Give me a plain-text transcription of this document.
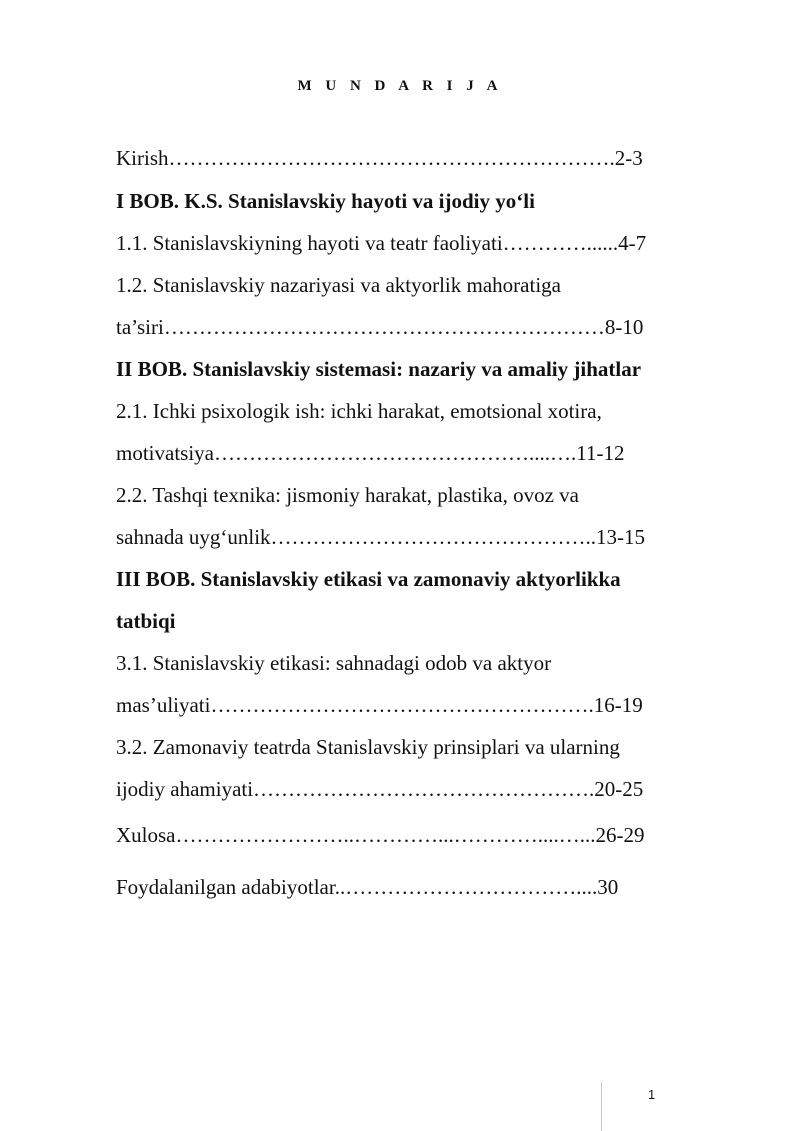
M U N D A R I J A
Kirish……………………………………………………….2-3
I BOB. K.S. Stanislavskiy hayoti va ijodiy yo‘li
1.1. Stanislavskiyning hayoti va teatr faoliyati…………......4-7
1.2. Stanislavskiy nazariyasi va aktyorlik mahoratiga
ta’siri………………………………………………………8-10
II BOB. Stanislavskiy sistemasi: nazariy va amaliy jihatlar
2.1. Ichki psixologik ish: ichki harakat, emotsional xotira,
motivatsiya………………………………………....….11-12
2.2. Tashqi texnika: jismoniy harakat, plastika, ovoz va
sahnada uyg‘unlik………………………………………..13-15
III BOB. Stanislavskiy etikasi va zamonaviy aktyorlikka
tatbiqi
3.1. Stanislavskiy etikasi: sahnadagi odob va aktyor
mas’uliyati……………………………………………….16-19
3.2. Zamonaviy teatrda Stanislavskiy prinsiplari va ularning
ijodiy ahamiyati………………………………………….20-25
Xulosa……………………..…………...…………....…...26-29
Foydalanilgan adabiyotlar..……………………………....30
1
